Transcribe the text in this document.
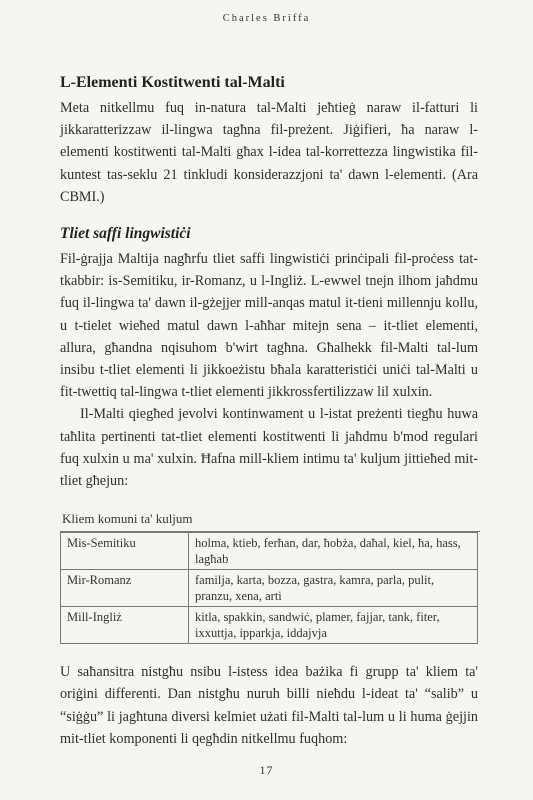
Charles Briffa
L-Elementi Kostitwenti tal-Malti

Meta nitkellmu fuq in-natura tal-Malti jeħtieġ naraw il-fatturi li jikkaratterizzaw il-lingwa tagħna fil-preżent. Jiġifieri, ħa naraw l-elementi kostitwenti tal-Malti għax l-idea tal-korrettezza lingwistika fil-kuntest tas-seklu 21 tinkludi konsiderazzjoni ta' dawn l-elementi. (Ara CBMI.)

Tliet saffi lingwistiċi

Fil-ġrajja Maltija nagħrfu tliet saffi lingwistiċi prinċipali fil-proċess tat-tkabbir: is-Semitiku, ir-Romanz, u l-Ingliż. L-ewwel tnejn ilhom jaħdmu fuq il-lingwa ta' dawn il-gżejjer mill-anqas matul it-tieni millennju kollu, u t-tielet wieħed matul dawn l-aħħar mitejn sena – it-tliet elementi, allura, għandna nqisuhom b'wirt tagħna. Għalhekk fil-Malti tal-lum insibu t-tliet elementi li jikkoeżistu bħala karatteristiċi uniċi tal-Malti u fit-twettiq tal-lingwa t-tliet elementi jikkrossfertilizzaw lil xulxin.

Il-Malti qiegħed jevolvi kontinwament u l-istat preżenti tiegħu huwa taħlita pertinenti tat-tliet elementi kostitwenti li jaħdmu b'mod regulari fuq xulxin u ma' xulxin. Ħafna mill-kliem intimu ta' kuljum jittieħed mit-tliet għejun:

Kliem komuni ta' kuljum
Mis-Semitiku	holma, ktieb, ferħan, dar, ħobża, daħal, kiel, ħa, hass, lagħab
Mir-Romanz	familja, karta, bozza, gastra, kamra, parla, pulit, pranzu, xena, arti
Mill-Ingliż	kitla, spakkin, sandwiċ, plamer, fajjar, tank, fiter, ixxuttja, ipparkja, iddajvja

U saħansitra nistgħu nsibu l-istess idea bażika fi grupp ta' kliem ta' oriġini differenti. Dan nistgħu nuruh billi nieħdu l-ideat ta' “salib” u “siġġu” li jagħtuna diversi kelmiet użati fil-Malti tal-lum u li huma ġejjin mit-tliet komponenti li qegħdin nitkellmu fuqhom:

17
